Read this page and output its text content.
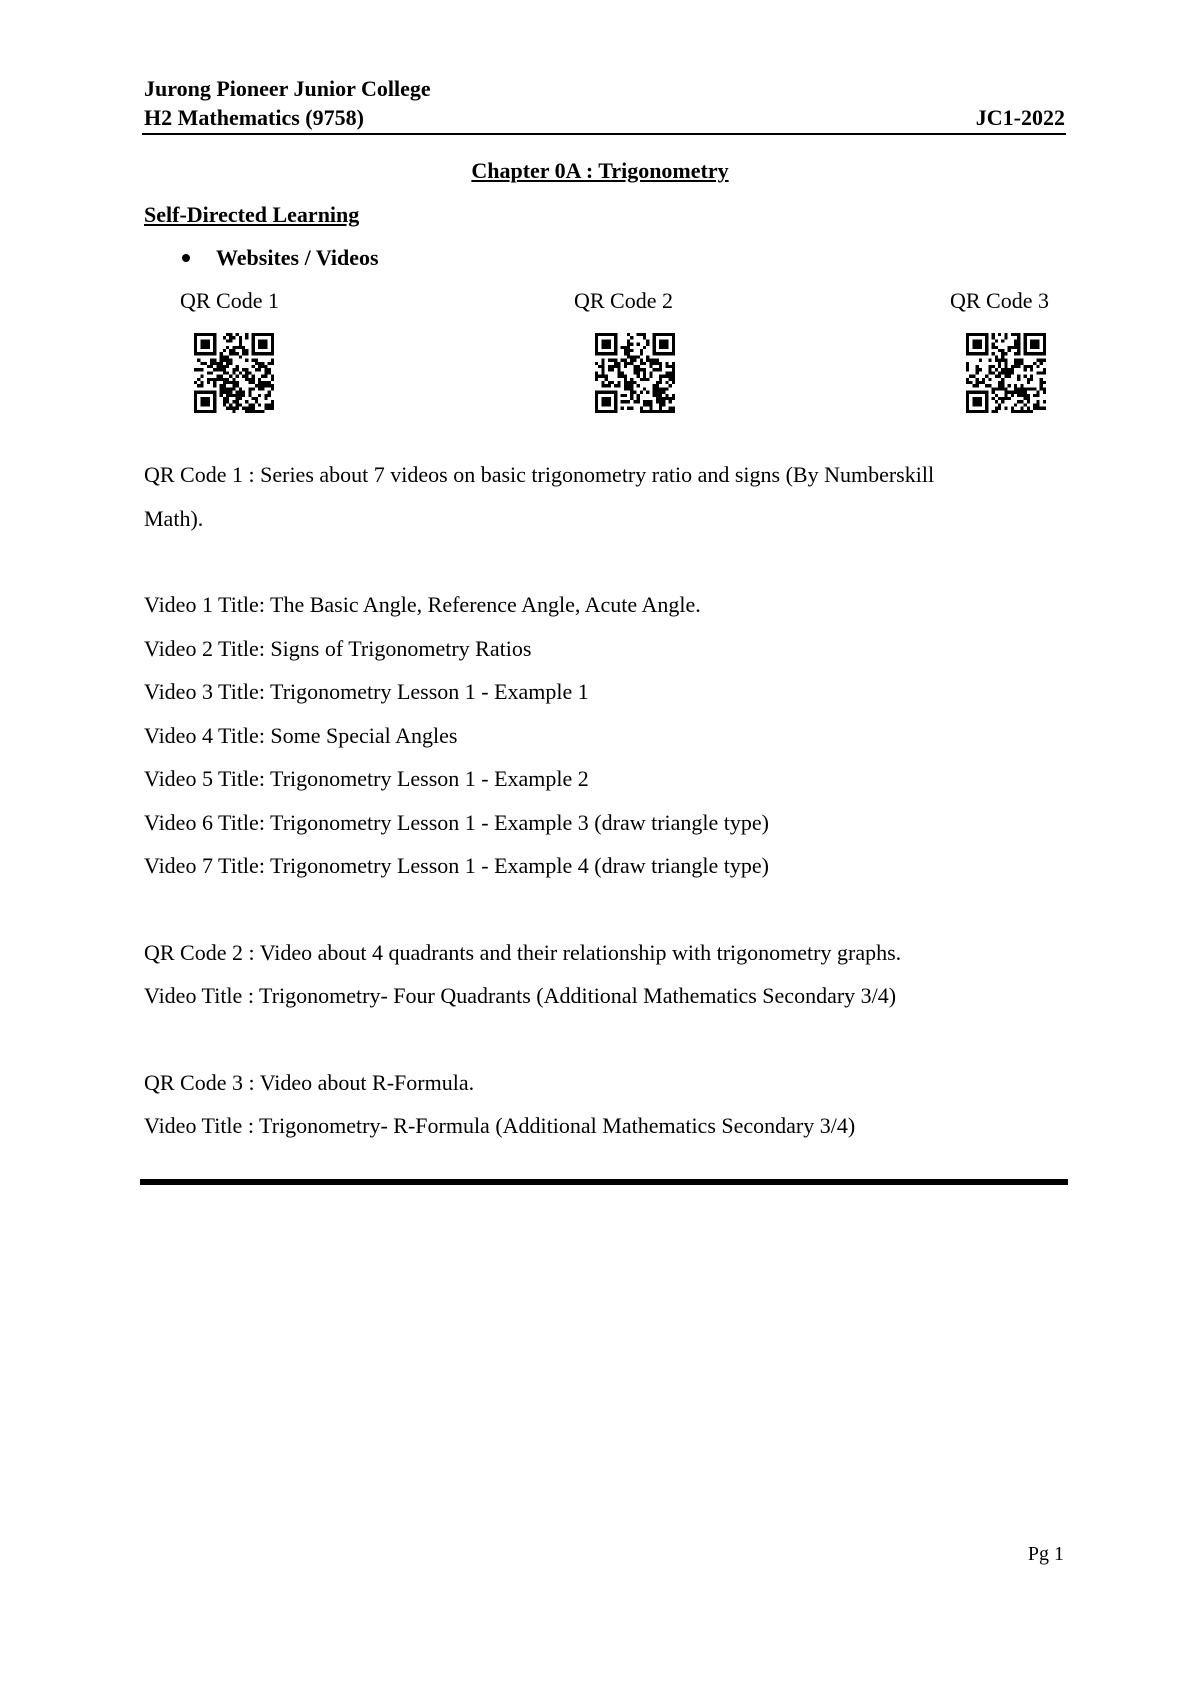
Jurong Pioneer Junior College
H2 Mathematics (9758)	JC1-2022
Chapter 0A : Trigonometry
Self-Directed Learning
Websites / Videos
QR Code 1	QR Code 2	QR Code 3
QR Code 1 : Series about 7 videos on basic trigonometry ratio and signs (By Numberskill
Math).
Video 1 Title: The Basic Angle, Reference Angle, Acute Angle.
Video 2 Title: Signs of Trigonometry Ratios
Video 3 Title: Trigonometry Lesson 1 - Example 1
Video 4 Title: Some Special Angles
Video 5 Title: Trigonometry Lesson 1 - Example 2
Video 6 Title: Trigonometry Lesson 1 - Example 3 (draw triangle type)
Video 7 Title: Trigonometry Lesson 1 - Example 4 (draw triangle type)
QR Code 2 : Video about 4 quadrants and their relationship with trigonometry graphs.
Video Title : Trigonometry- Four Quadrants (Additional Mathematics Secondary 3/4)
QR Code 3 : Video about R-Formula.
Video Title : Trigonometry- R-Formula (Additional Mathematics Secondary 3/4)
Pg 1
